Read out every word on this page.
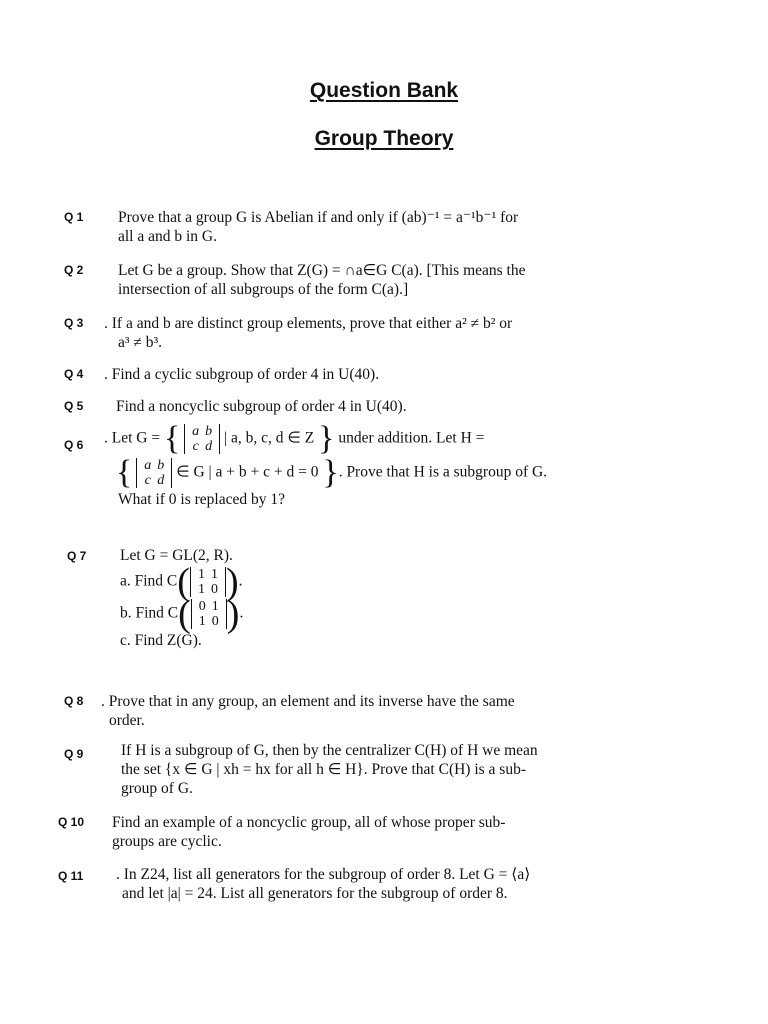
Question Bank
Group Theory
Q 1 Prove that a group G is Abelian if and only if (ab)⁻¹ = a⁻¹b⁻¹ for
all a and b in G.
Q 2 Let G be a group. Show that Z(G) = ∩a∈G C(a). [This means the
intersection of all subgroups of the form C(a).]
Q 3 . If a and b are distinct group elements, prove that either a² ≠ b² or
a³ ≠ b³.
Q 4 . Find a cyclic subgroup of order 4 in U(40).
Q 5 Find a noncyclic subgroup of order 4 in U(40).
Q 6 . Let G = { a	b
c	d | a, b, c, d ∈ Z } under addition. Let H =
{ a	b
c	d ∈ G | a + b + c + d = 0 }. Prove that H is a subgroup of G.
What if 0 is replaced by 1?
Q 7 Let G = GL(2, R).
a. Find C( 1	1
1	0 ).
b. Find C( 0	1
1	0 ).
c. Find Z(G).
Q 8 . Prove that in any group, an element and its inverse have the same
order.
Q 9 If H is a subgroup of G, then by the centralizer C(H) of H we mean
the set {x ∈ G | xh = hx for all h ∈ H}. Prove that C(H) is a sub-
group of G.
Q 10 Find an example of a noncyclic group, all of whose proper sub-
groups are cyclic.
Q 11 . In Z24, list all generators for the subgroup of order 8. Let G = ⟨a⟩
and let |a| = 24. List all generators for the subgroup of order 8.
